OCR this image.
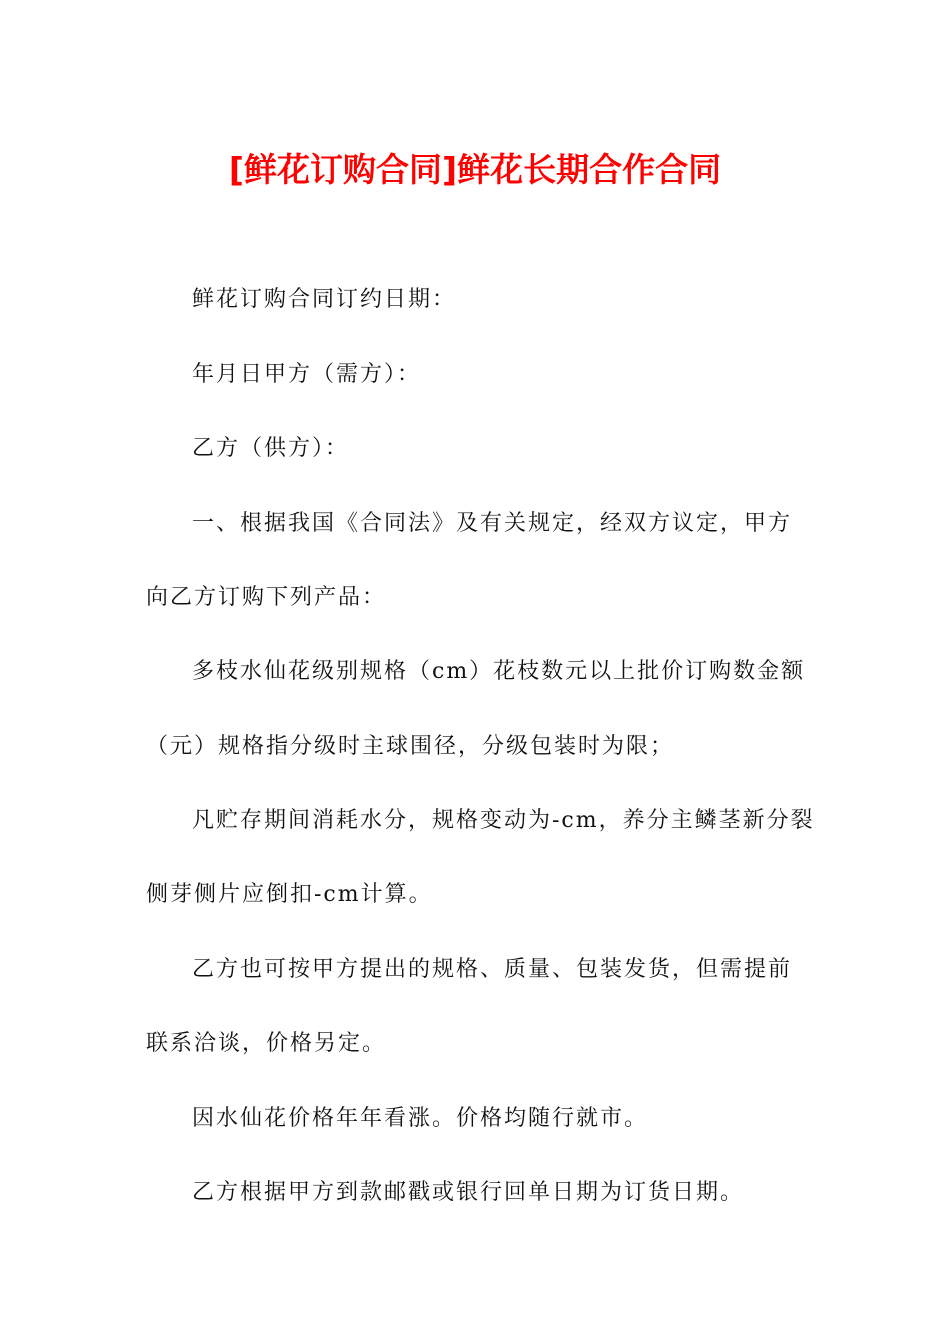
[鲜花订购合同]鲜花长期合作合同
鲜花订购合同订约日期：
年月日甲方（需方）：
乙方（供方）：
一、根据我国《合同法》及有关规定，经双方议定，甲方
向乙方订购下列产品：
多枝水仙花级别规格（cm）花枝数元以上批价订购数金额
（元）规格指分级时主球围径，分级包装时为限；
凡贮存期间消耗水分，规格变动为-cm，养分主鳞茎新分裂
侧芽侧片应倒扣-cm计算。
乙方也可按甲方提出的规格、质量、包装发货，但需提前
联系洽谈，价格另定。
因水仙花价格年年看涨。价格均随行就市。
乙方根据甲方到款邮戳或银行回单日期为订货日期。
